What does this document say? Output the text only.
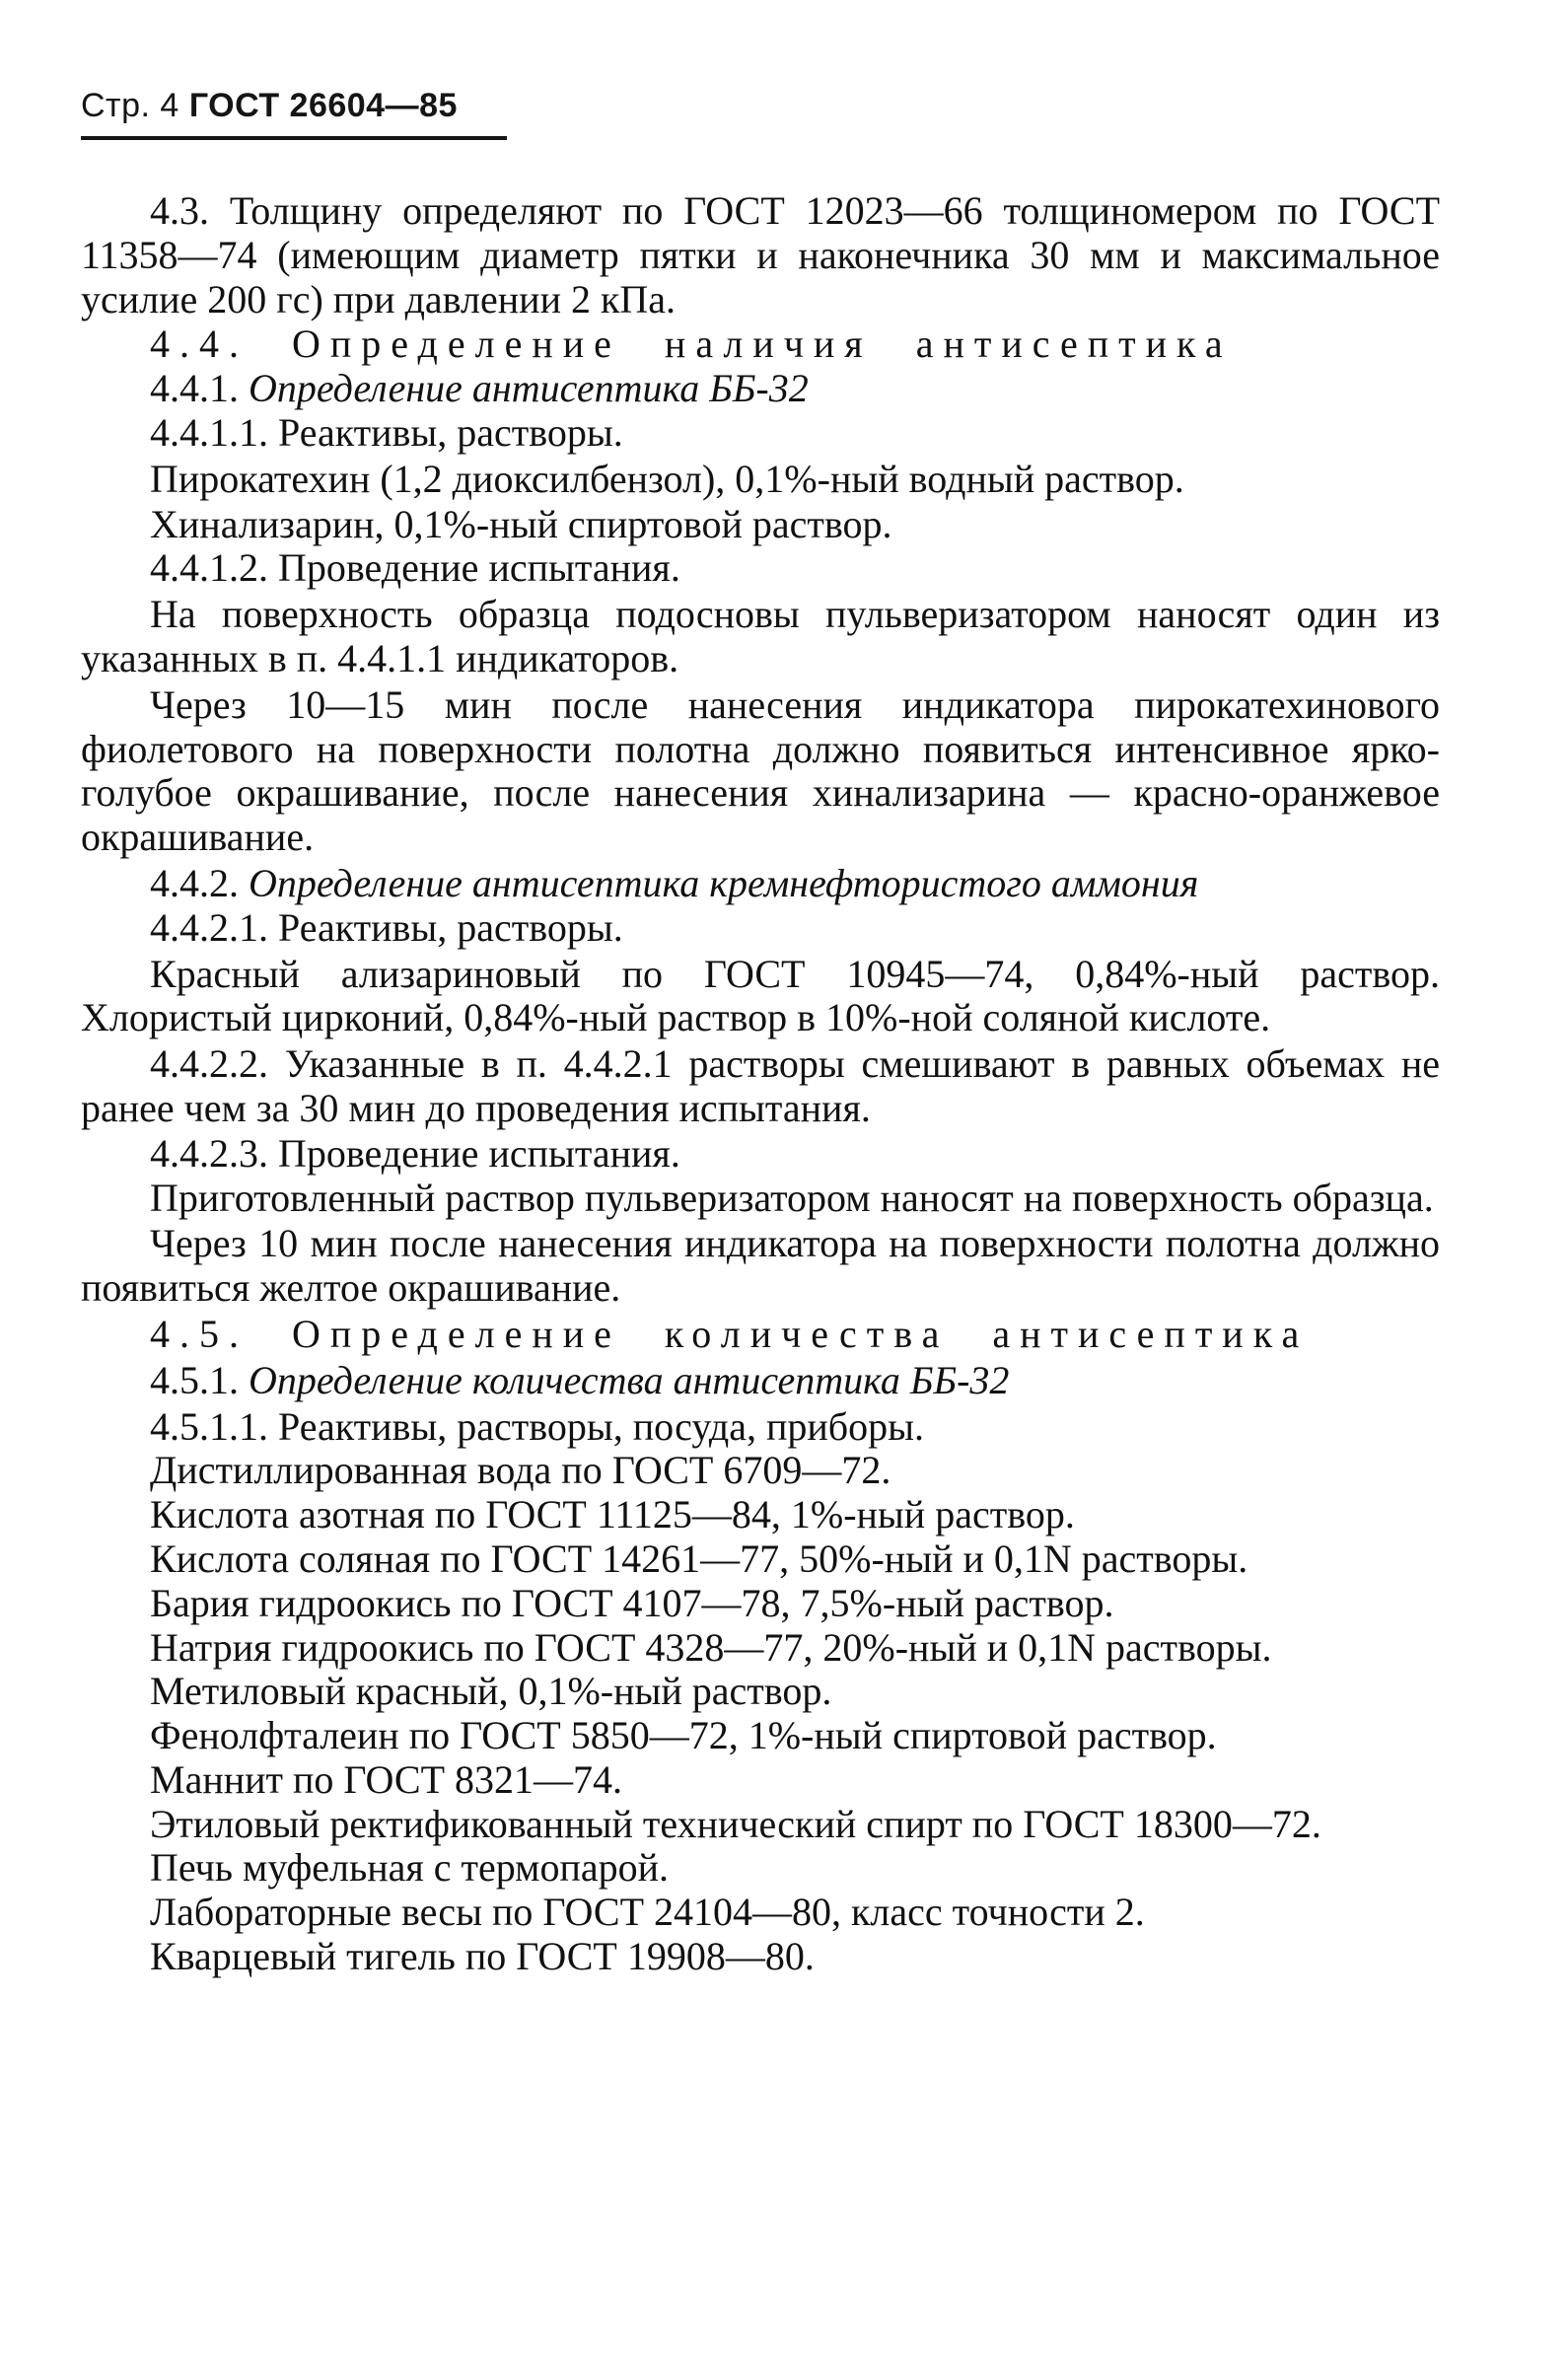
Стр. 4 ГОСТ 26604—85

4.3. Толщину определяют по ГОСТ 12023—66 толщиномером по ГОСТ 11358—74 (имеющим диаметр пятки и наконечника 30 мм и максимальное усилие 200 гс) при давлении 2 кПа.

4.4. Определение наличия антисептика

4.4.1. Определение антисептика ББ-32

4.4.1.1. Реактивы, растворы.

Пирокатехин (1,2 диоксилбензол), 0,1%-ный водный раствор.

Хинализарин, 0,1%-ный спиртовой раствор.

4.4.1.2. Проведение испытания.

На поверхность образца подосновы пульверизатором наносят один из указанных в п. 4.4.1.1 индикаторов.

Через 10—15 мин после нанесения индикатора пирокатехинового фиолетового на поверхности полотна должно появиться интенсивное ярко-голубое окрашивание, после нанесения хинализарина — красно-оранжевое окрашивание.

4.4.2. Определение антисептика кремнефтористого аммония

4.4.2.1. Реактивы, растворы.

Красный ализариновый по ГОСТ 10945—74, 0,84%-ный раствор. Хлористый цирконий, 0,84%-ный раствор в 10%-ной соляной кислоте.

4.4.2.2. Указанные в п. 4.4.2.1 растворы смешивают в равных объемах не ранее чем за 30 мин до проведения испытания.

4.4.2.3. Проведение испытания.

Приготовленный раствор пульверизатором наносят на поверхность образца.

Через 10 мин после нанесения индикатора на поверхности полотна должно появиться желтое окрашивание.

4.5. Определение количества антисептика

4.5.1. Определение количества антисептика ББ-32

4.5.1.1. Реактивы, растворы, посуда, приборы.

Дистиллированная вода по ГОСТ 6709—72.

Кислота азотная по ГОСТ 11125—84, 1%-ный раствор.

Кислота соляная по ГОСТ 14261—77, 50%-ный и 0,1N растворы.

Бария гидроокись по ГОСТ 4107—78, 7,5%-ный раствор.

Натрия гидроокись по ГОСТ 4328—77, 20%-ный и 0,1N растворы.

Метиловый красный, 0,1%-ный раствор.

Фенолфталеин по ГОСТ 5850—72, 1%-ный спиртовой раствор.

Маннит по ГОСТ 8321—74.

Этиловый ректификованный технический спирт по ГОСТ 18300—72.

Печь муфельная с термопарой.

Лабораторные весы по ГОСТ 24104—80, класс точности 2.

Кварцевый тигель по ГОСТ 19908—80.
